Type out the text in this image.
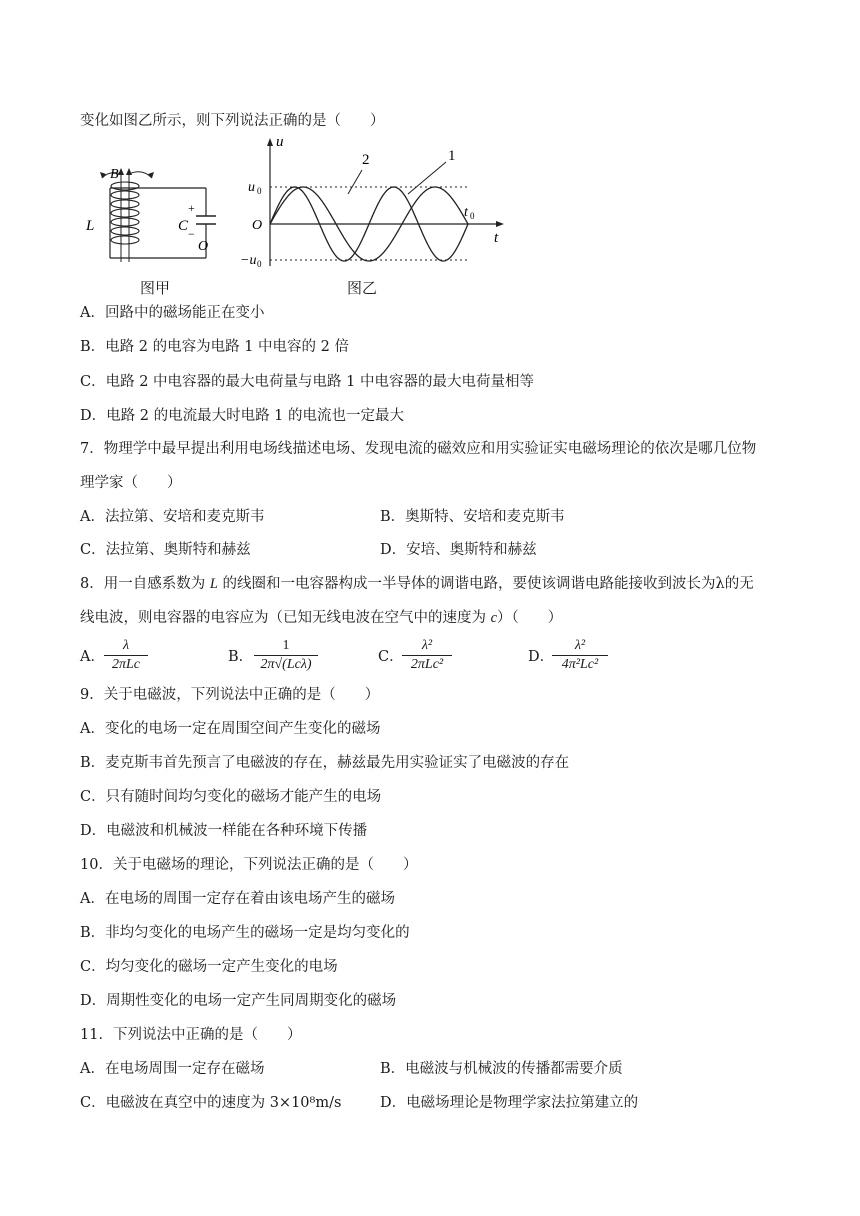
变化如图乙所示，则下列说法正确的是（　　）
B
L	C
+
−
O
图甲
u
u 0
O
−u 0
t 0
t
2	1
图乙
A．回路中的磁场能正在变小
B．电路 2 的电容为电路 1 中电容的 2 倍
C．电路 2 中电容器的最大电荷量与电路 1 中电容器的最大电荷量相等
D．电路 2 的电流最大时电路 1 的电流也一定最大
7．物理学中最早提出利用电场线描述电场、发现电流的磁效应和用实验证实电磁场理论的依次是哪几位物
理学家（　　）
A．法拉第、安培和麦克斯韦	B．奥斯特、安培和麦克斯韦
C．法拉第、奥斯特和赫兹	D．安培、奥斯特和赫兹
8．用一自感系数为 L 的线圈和一电容器构成一半导体的调谐电路，要使该调谐电路能接收到波长为λ的无
线电波，则电容器的电容应为（已知无线电波在空气中的速度为 c）（　　）
A．
λ
2πLc	B．
1
2π√(Lcλ)	C．
λ²
2πLc²	D．
λ²
4π²Lc²
9．关于电磁波，下列说法中正确的是（　　）
A．变化的电场一定在周围空间产生变化的磁场
B．麦克斯韦首先预言了电磁波的存在，赫兹最先用实验证实了电磁波的存在
C．只有随时间均匀变化的磁场才能产生的电场
D．电磁波和机械波一样能在各种环境下传播
10．关于电磁场的理论，下列说法正确的是（　　）
A．在电场的周围一定存在着由该电场产生的磁场
B．非均匀变化的电场产生的磁场一定是均匀变化的
C．均匀变化的磁场一定产生变化的电场
D．周期性变化的电场一定产生同周期变化的磁场
11．下列说法中正确的是（　　）
A．在电场周围一定存在磁场	B．电磁波与机械波的传播都需要介质
C．电磁波在真空中的速度为 3×10⁸m/s	D．电磁场理论是物理学家法拉第建立的
